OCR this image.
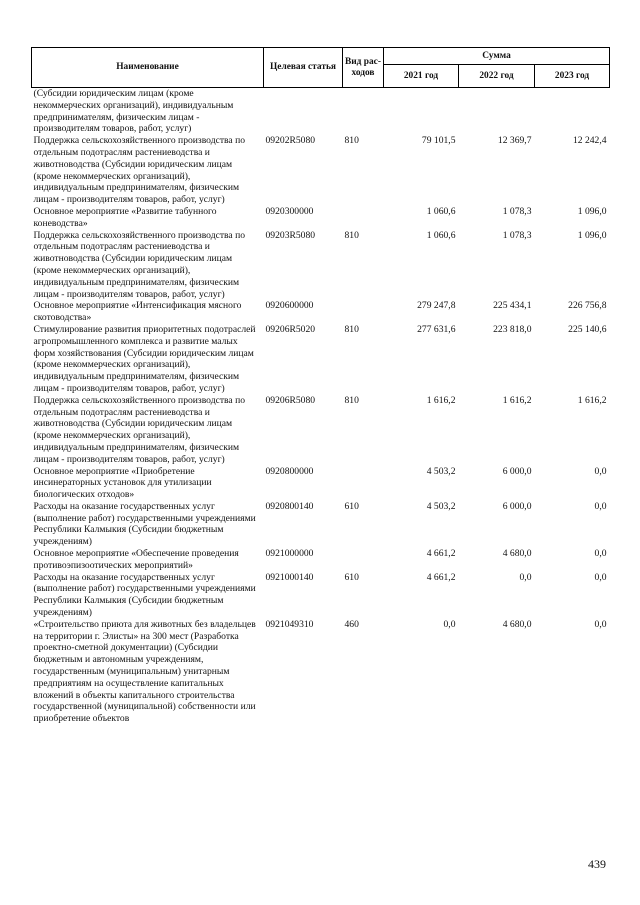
Наименование	Целевая статья	Вид рас-ходов	Сумма		
			2021 год	2022 год	2023 год
(Субсидии юридическим лицам (кроме некоммерческих организаций), индивидуальным предпринимателям, физическим лицам - производителям товаров, работ, услуг)					
Поддержка сельскохозяйственного производства по отдельным подотраслям растениеводства и животноводства (Субсидии юридическим лицам (кроме некоммерческих организаций), индивидуальным предпринимателям, физическим лицам - производителям товаров, работ, услуг)	09202R5080	810	79 101,5	12 369,7	12 242,4
Основное мероприятие «Развитие табунного коневодства»	0920300000		1 060,6	1 078,3	1 096,0
Поддержка сельскохозяйственного производства по отдельным подотраслям растениеводства и животноводства (Субсидии юридическим лицам (кроме некоммерческих организаций), индивидуальным предпринимателям, физическим лицам - производителям товаров, работ, услуг)	09203R5080	810	1 060,6	1 078,3	1 096,0
Основное мероприятие «Интенсификация мясного скотоводства»	0920600000		279 247,8	225 434,1	226 756,8
Стимулирование развития приоритетных подотраслей агропромышленного комплекса и развитие малых форм хозяйствования (Субсидии юридическим лицам (кроме некоммерческих организаций), индивидуальным предпринимателям, физическим лицам - производителям товаров, работ, услуг)	09206R5020	810	277 631,6	223 818,0	225 140,6
Поддержка сельскохозяйственного производства по отдельным подотраслям растениеводства и животноводства (Субсидии юридическим лицам (кроме некоммерческих организаций), индивидуальным предпринимателям, физическим лицам - производителям товаров, работ, услуг)	09206R5080	810	1 616,2	1 616,2	1 616,2
Основное мероприятие «Приобретение инсинераторных установок для утилизации биологических отходов»	0920800000		4 503,2	6 000,0	0,0
Расходы на оказание государственных услуг (выполнение работ) государственными учреждениями Республики Калмыкия (Субсидии бюджетным учреждениям)	0920800140	610	4 503,2	6 000,0	0,0
Основное мероприятие «Обеспечение проведения противоэпизоотических мероприятий»	0921000000		4 661,2	4 680,0	0,0
Расходы на оказание государственных услуг (выполнение работ) государственными учреждениями Республики Калмыкия (Субсидии бюджетным учреждениям)	0921000140	610	4 661,2	0,0	0,0
«Строительство приюта для животных без владельцев на территории г. Элисты» на 300 мест (Разработка проектно-сметной документации) (Субсидии бюджетным и автономным учреждениям, государственным (муниципальным) унитарным предприятиям на осуществление капитальных вложений в объекты капитального строительства государственной (муниципальной) собственности или приобретение объектов	0921049310	460	0,0	4 680,0	0,0
439
